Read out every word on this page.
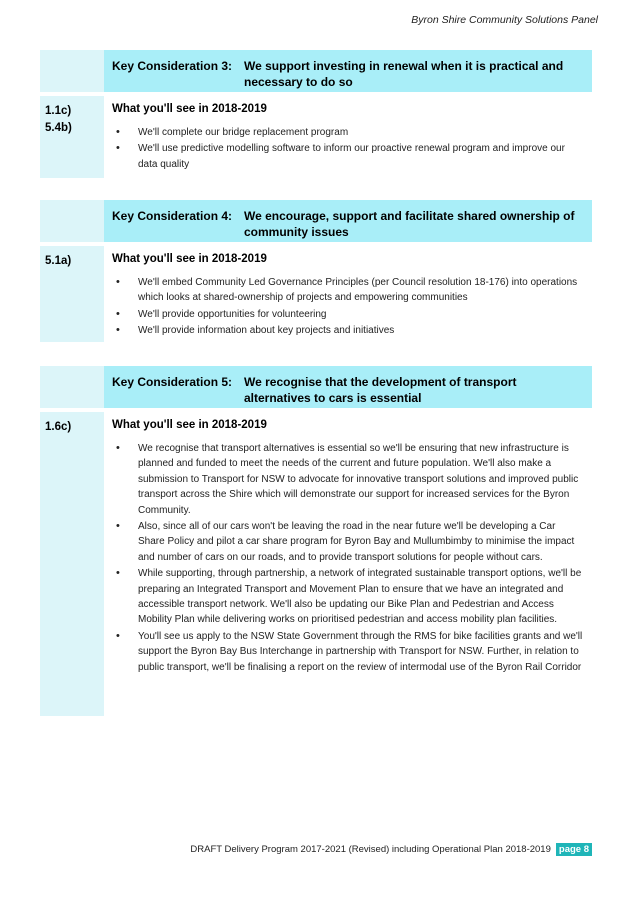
Byron Shire Community Solutions Panel
Key Consideration 3: We support investing in renewal when it is practical and necessary to do so
1.1c)
5.4b)
What you'll see in 2018-2019
• We'll complete our bridge replacement program
• We'll use predictive modelling software to inform our proactive renewal program and improve our data quality
Key Consideration 4: We encourage, support and facilitate shared ownership of community issues
5.1a)	What you'll see in 2018-2019
• We'll embed Community Led Governance Principles (per Council resolution 18-176) into operations which looks at shared-ownership of projects and empowering communities
• We'll provide opportunities for volunteering
• We'll provide information about key projects and initiatives
Key Consideration 5: We recognise that the development of transport alternatives to cars is essential
1.6c)	What you'll see in 2018-2019
• We recognise that transport alternatives is essential so we'll be ensuring that new infrastructure is planned and funded to meet the needs of the current and future population. We'll also make a submission to Transport for NSW to advocate for innovative transport solutions and improved public transport across the Shire which will demonstrate our support for increased services for the Byron Community.
• Also, since all of our cars won't be leaving the road in the near future we'll be developing a Car Share Policy and pilot a car share program for Byron Bay and Mullumbimby to minimise the impact and number of cars on our roads, and to provide transport solutions for people without cars.
• While supporting, through partnership, a network of integrated sustainable transport options, we'll be preparing an Integrated Transport and Movement Plan to ensure that we have an integrated and accessible transport network. We'll also be updating our Bike Plan and Pedestrian and Access Mobility Plan while delivering works on prioritised pedestrian and access mobility plan facilities.
• You'll see us apply to the NSW State Government through the RMS for bike facilities grants and we'll support the Byron Bay Bus Interchange in partnership with Transport for NSW. Further, in relation to public transport, we'll be finalising a report on the review of intermodal use of the Byron Rail Corridor
DRAFT Delivery Program 2017-2021 (Revised) including Operational Plan 2018-2019 page 8
